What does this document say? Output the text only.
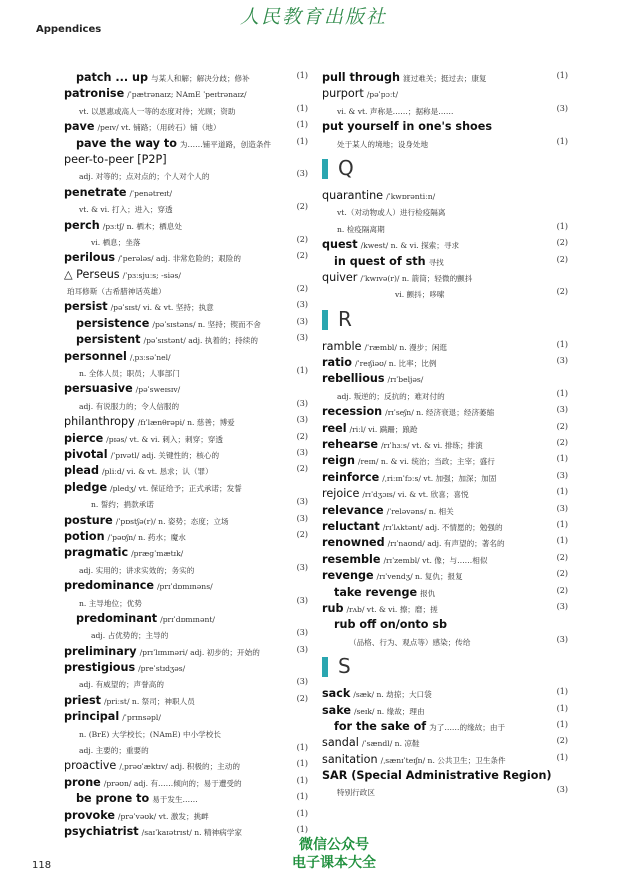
人民教育出版社
Appendices
patch ... up 与某人和解；解决分歧；修补	(1)
patronise /ˈpætrənaɪz; NAmE ˈpeɪtrənaɪz/
vt. 以恩惠或高人一等的态度对待；光顾；资助	(1)
pave /peɪv/ vt. 铺路；（用砖石）铺（地）	(1)
pave the way to 为……铺平道路，创造条件	(1)
peer-to-peer [P2P]
adj. 对等的；点对点的；个人对个人的	(3)
penetrate /ˈpenətreɪt/
vt. & vi. 打入；进入；穿透	(2)
perch /pɜːtʃ/ n. 栖木；栖息处
vi. 栖息；坐落	(2)
perilous /ˈperələs/ adj. 非常危险的；艰险的	(2)
△ Perseus /ˈpɜːsjuːs; -siəs/
珀耳修斯（古希腊神话英雄）	(2)
persist /pəˈsɪst/ vi. & vt. 坚持；执意	(3)
persistence /pəˈsɪstəns/ n. 坚持；锲而不舍	(3)
persistent /pəˈsɪstənt/ adj. 执着的；持续的	(3)
personnel /ˌpɜːsəˈnel/
n. 全体人员；职员；人事部门	(1)
persuasive /pəˈsweɪsɪv/
adj. 有说服力的；令人信服的	(3)
philanthropy /fɪˈlænθrəpi/ n. 慈善；博爱	(3)
pierce /pɪəs/ vt. & vi. 刺入；刺穿；穿透	(2)
pivotal /ˈpɪvətl/ adj. 关键性的；核心的	(3)
plead /pliːd/ vi. & vt. 恳求；认（罪）	(2)
pledge /pledʒ/ vt. 保证给予；正式承诺；发誓
n. 誓约；捐款承诺	(3)
posture /ˈpɒstʃə(r)/ n. 姿势；态度；立场	(3)
potion /ˈpəʊʃn/ n. 药水；魔水	(2)
pragmatic /præɡˈmætɪk/
adj. 实用的；讲求实效的；务实的	(3)
predominance /prɪˈdɒmɪnəns/
n. 主导地位；优势	(3)
predominant /prɪˈdɒmɪnənt/
adj. 占优势的；主导的	(3)
preliminary /prɪˈlɪmɪnəri/ adj. 初步的；开始的	(3)
prestigious /preˈstɪdʒəs/
adj. 有威望的；声誉高的	(3)
priest /priːst/ n. 祭司；神职人员	(2)
principal /ˈprɪnsəpl/
n. (BrE) 大学校长；(NAmE) 中小学校长
adj. 主要的；重要的	(1)
proactive /ˌprəʊˈæktɪv/ adj. 积极的；主动的	(1)
prone /prəʊn/ adj. 有……倾向的；易于遭受的	(1)
be prone to 易于发生……	(1)
provoke /prəˈvəʊk/ vt. 激发；挑衅	(1)
psychiatrist /saɪˈkaɪətrɪst/ n. 精神病学家	(1)
pull through 渡过难关；挺过去；康复	(1)
purport /pəˈpɔːt/
vi. & vt. 声称是……；据称是……	(3)
put yourself in one's shoes
处于某人的境地；设身处地	(1)
Q
quarantine /ˈkwɒrəntiːn/
vt.（对动物或人）进行检疫隔离
n. 检疫隔离期	(1)
quest /kwest/ n. & vi. 探索；寻求	(2)
in quest of sth 寻找	(2)
quiver /ˈkwɪvə(r)/ n. 箭筒；轻微的颤抖
vi. 颤抖；哆嗦	(2)
R
ramble /ˈræmbl/ n. 漫步；闲逛	(1)
ratio /ˈreɪʃiəʊ/ n. 比率；比例	(3)
rebellious /rɪˈbeljəs/
adj. 叛逆的；反抗的；难对付的	(1)
recession /rɪˈseʃn/ n. 经济衰退；经济萎缩	(3)
reel /riːl/ vi. 蹒跚；踉跄	(2)
rehearse /rɪˈhɜːs/ vt. & vi. 排练；排演	(2)
reign /reɪn/ n. & vi. 统治；当政；主宰；盛行	(1)
reinforce /ˌriːɪnˈfɔːs/ vt. 加强；加深；加固	(3)
rejoice /rɪˈdʒɔɪs/ vi. & vt. 欣喜；喜悦	(1)
relevance /ˈreləvəns/ n. 相关	(3)
reluctant /rɪˈlʌktənt/ adj. 不情愿的；勉强的	(1)
renowned /rɪˈnaʊnd/ adj. 有声望的；著名的	(1)
resemble /rɪˈzembl/ vt. 像；与……相似	(2)
revenge /rɪˈvendʒ/ n. 复仇；报复	(2)
take revenge 报仇	(2)
rub /rʌb/ vt. & vi. 擦；磨；搓	(3)
rub off on/onto sb
（品格、行为、观点等）感染；传给	(3)
S
sack /sæk/ n. 劫掠；大口袋	(1)
sake /seɪk/ n. 缘故；理由	(1)
for the sake of 为了……的缘故；由于	(1)
sandal /ˈsændl/ n. 凉鞋	(2)
sanitation /ˌsænɪˈteɪʃn/ n. 公共卫生；卫生条件	(1)
SAR (Special Administrative Region)
特别行政区	(3)
微信公众号
电子课本大全
118
